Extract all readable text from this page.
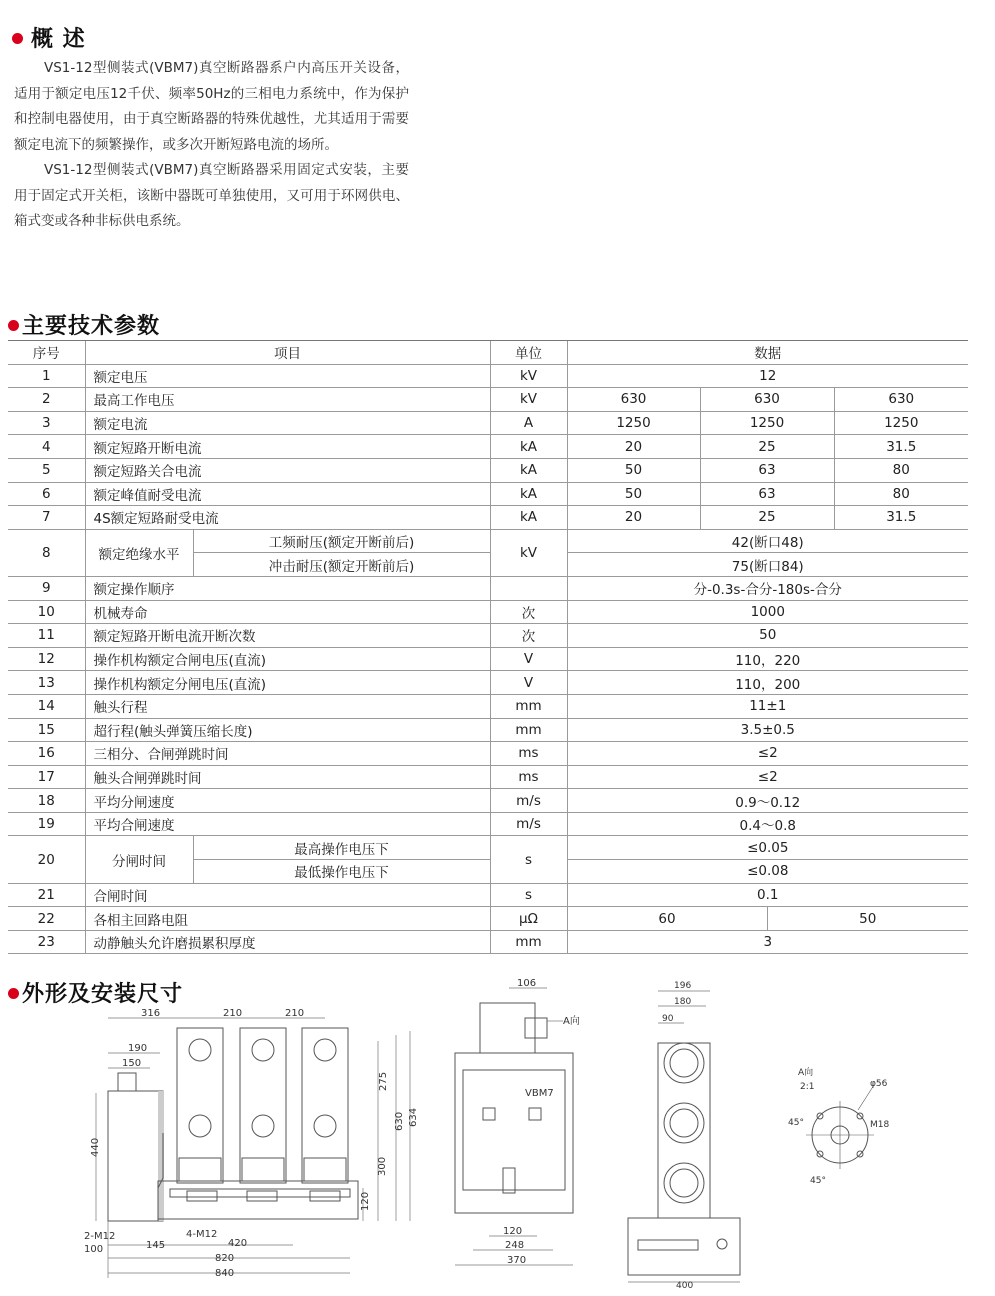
概 述

VS1-12型侧装式(VBM7)真空断路器系户内高压开关设备，适用于额定电压12千伏、频率50Hz的三相电力系统中，作为保护和控制电器使用，由于真空断路器的特殊优越性，尤其适用于需要额定电流下的频繁操作，或多次开断短路电流的场所。

VS1-12型侧装式(VBM7)真空断路器采用固定式安装，主要用于固定式开关柜，该断中器既可单独使用，又可用于环网供电、箱式变或各种非标供电系统。

主要技术参数
序号	项目		单位	数据			
1	额定电压		kV	12			
2	最高工作电压		kV	630	630		630
3	额定电流		A	1250	1250		1250
4	额定短路开断电流		kA	20	25		31.5
5	额定短路关合电流		kA	50	63		80
6	额定峰值耐受电流		kA	50	63		80
7	4S额定短路耐受电流		kA	20	25		31.5
8	额定绝缘水平	工频耐压(额定开断前后)	kV	42(断口48)			
		冲击耐压(额定开断前后)		75(断口84)			
9	额定操作顺序			分-0.3s-合分-180s-合分			
10	机械寿命		次	1000			
11	额定短路开断电流开断次数		次	50			
12	操作机构额定合闸电压(直流)		V	110，220			
13	操作机构额定分闸电压(直流)		V	110，200			
14	触头行程		mm	11±1			
15	超行程(触头弹簧压缩长度)		mm	3.5±0.5			
16	三相分、合闸弹跳时间		ms	≤2			
17	触头合闸弹跳时间		ms	≤2			
18	平均分闸速度		m/s	0.9～0.12			
19	平均合闸速度		m/s	0.4～0.8			
20	分闸时间	最高操作电压下	s	≤0.05			
		最低操作电压下		≤0.08			
21	合闸时间		s	0.1			
22	各相主回路电阻		μΩ	60		50	
23	动静触头允许磨损累积厚度		mm	3			
外形及安装尺寸
316	210	210
190
150
440
275
300
120
630 634
2-M12
100	145
4-M12
420
820
840
106
A向
VBM7
120
248
370
196
180
90
400
A向
2:1	φ56
M18
45°
45°
